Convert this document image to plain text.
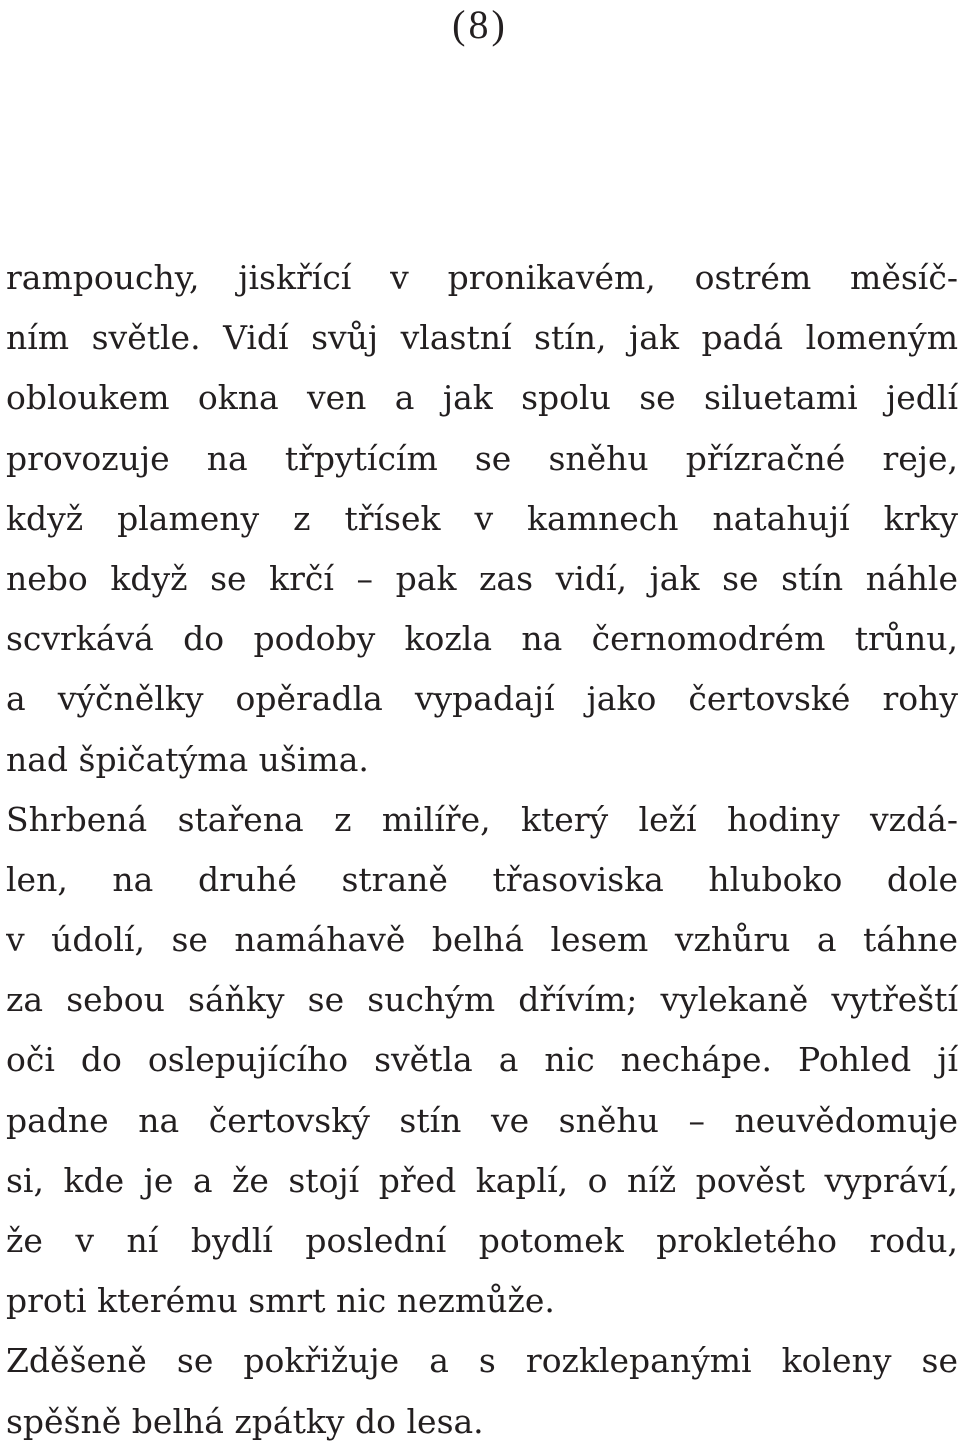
(8)
rampouchy, jiskřící v pronikavém, ostrém měsíč-
ním světle. Vidí svůj vlastní stín, jak padá lomeným
obloukem okna ven a jak spolu se siluetami jedlí
provozuje na třpytícím se sněhu přízračné reje,
když plameny z třísek v kamnech natahují krky
nebo když se krčí – pak zas vidí, jak se stín náhle
scvrkává do podoby kozla na černomodrém trůnu,
a výčnělky opěradla vypadají jako čertovské rohy
nad špičatýma ušima.
Shrbená stařena z milíře, který leží hodiny vzdá-
len, na druhé straně třasoviska hluboko dole
v údolí, se namáhavě belhá lesem vzhůru a táhne
za sebou sáňky se suchým dřívím; vylekaně vytřeští
oči do oslepujícího světla a nic nechápe. Pohled jí
padne na čertovský stín ve sněhu – neuvědomuje
si, kde je a že stojí před kaplí, o níž pověst vypráví,
že v ní bydlí poslední potomek prokletého rodu,
proti kterému smrt nic nezmůže.
Zděšeně se pokřižuje a s rozklepanými koleny se
spěšně belhá zpátky do lesa.
